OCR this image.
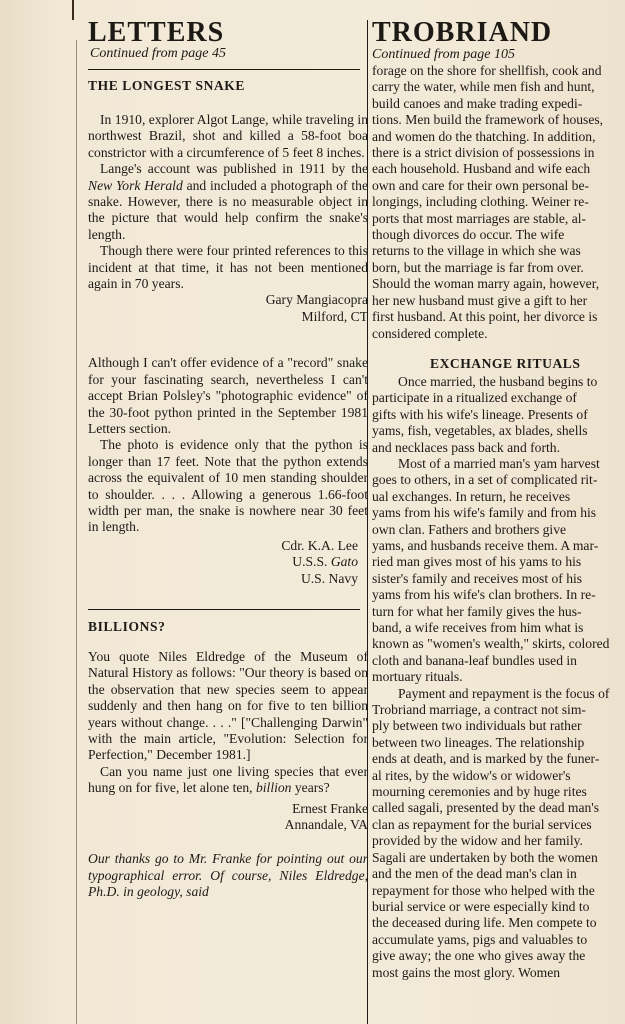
LETTERS
Continued from page 45
THE LONGEST SNAKE

In 1910, explorer Algot Lange, while traveling in northwest Brazil, shot and killed a 58-foot boa constrictor with a circumference of 5 feet 8 inches.

Lange's account was published in 1911 by the New York Herald and included a photograph of the snake. However, there is no measurable object in the picture that would help confirm the snake's length.

Though there were four printed references to this incident at that time, it has not been mentioned again in 70 years.

Gary Mangiacopra
Milford, CT

Although I can't offer evidence of a "record" snake for your fascinating search, nevertheless I can't accept Brian Polsley's "photographic evidence" of the 30-foot python printed in the September 1981 Letters section.

The photo is evidence only that the python is longer than 17 feet. Note that the python extends across the equivalent of 10 men standing shoulder to shoulder. . . . Allowing a generous 1.66-foot width per man, the snake is nowhere near 30 feet in length.

Cdr. K.A. Lee
U.S.S. Gato
U.S. Navy
BILLIONS?

You quote Niles Eldredge of the Museum of Natural History as follows: "Our theory is based on the observation that new species seem to appear suddenly and then hang on for five to ten billion years without change. . . ." ["Challenging Darwin" with the main article, "Evolution: Selection for Perfection," December 1981.]

Can you name just one living species that ever hung on for five, let alone ten, billion years?

Ernest Franke
Annandale, VA

Our thanks go to Mr. Franke for pointing out our typographical error. Of course, Niles Eldredge, Ph.D. in geology, said

TROBRIAND
Continued from page 105
forage on the shore for shellfish, cook and
carry the water, while men fish and hunt,
build canoes and make trading expedi-
tions. Men build the framework of houses,
and women do the thatching. In addition,
there is a strict division of possessions in
each household. Husband and wife each
own and care for their own personal be-
longings, including clothing. Weiner re-
ports that most marriages are stable, al-
though divorces do occur. The wife
returns to the village in which she was
born, but the marriage is far from over.
Should the woman marry again, however,
her new husband must give a gift to her
first husband. At this point, her divorce is
considered complete.
EXCHANGE RITUALS
Once married, the husband begins to
participate in a ritualized exchange of
gifts with his wife's lineage. Presents of
yams, fish, vegetables, ax blades, shells
and necklaces pass back and forth.
Most of a married man's yam harvest
goes to others, in a set of complicated rit-
ual exchanges. In return, he receives
yams from his wife's family and from his
own clan. Fathers and brothers give
yams, and husbands receive them. A mar-
ried man gives most of his yams to his
sister's family and receives most of his
yams from his wife's clan brothers. In re-
turn for what her family gives the hus-
band, a wife receives from him what is
known as "women's wealth," skirts, colored
cloth and banana-leaf bundles used in
mortuary rituals.
Payment and repayment is the focus of
Trobriand marriage, a contract not sim-
ply between two individuals but rather
between two lineages. The relationship
ends at death, and is marked by the funer-
al rites, by the widow's or widower's
mourning ceremonies and by huge rites
called sagali, presented by the dead man's
clan as repayment for the burial services
provided by the widow and her family.
Sagali are undertaken by both the women
and the men of the dead man's clan in
repayment for those who helped with the
burial service or were especially kind to
the deceased during life. Men compete to
accumulate yams, pigs and valuables to
give away; the one who gives away the
most gains the most glory. Women
